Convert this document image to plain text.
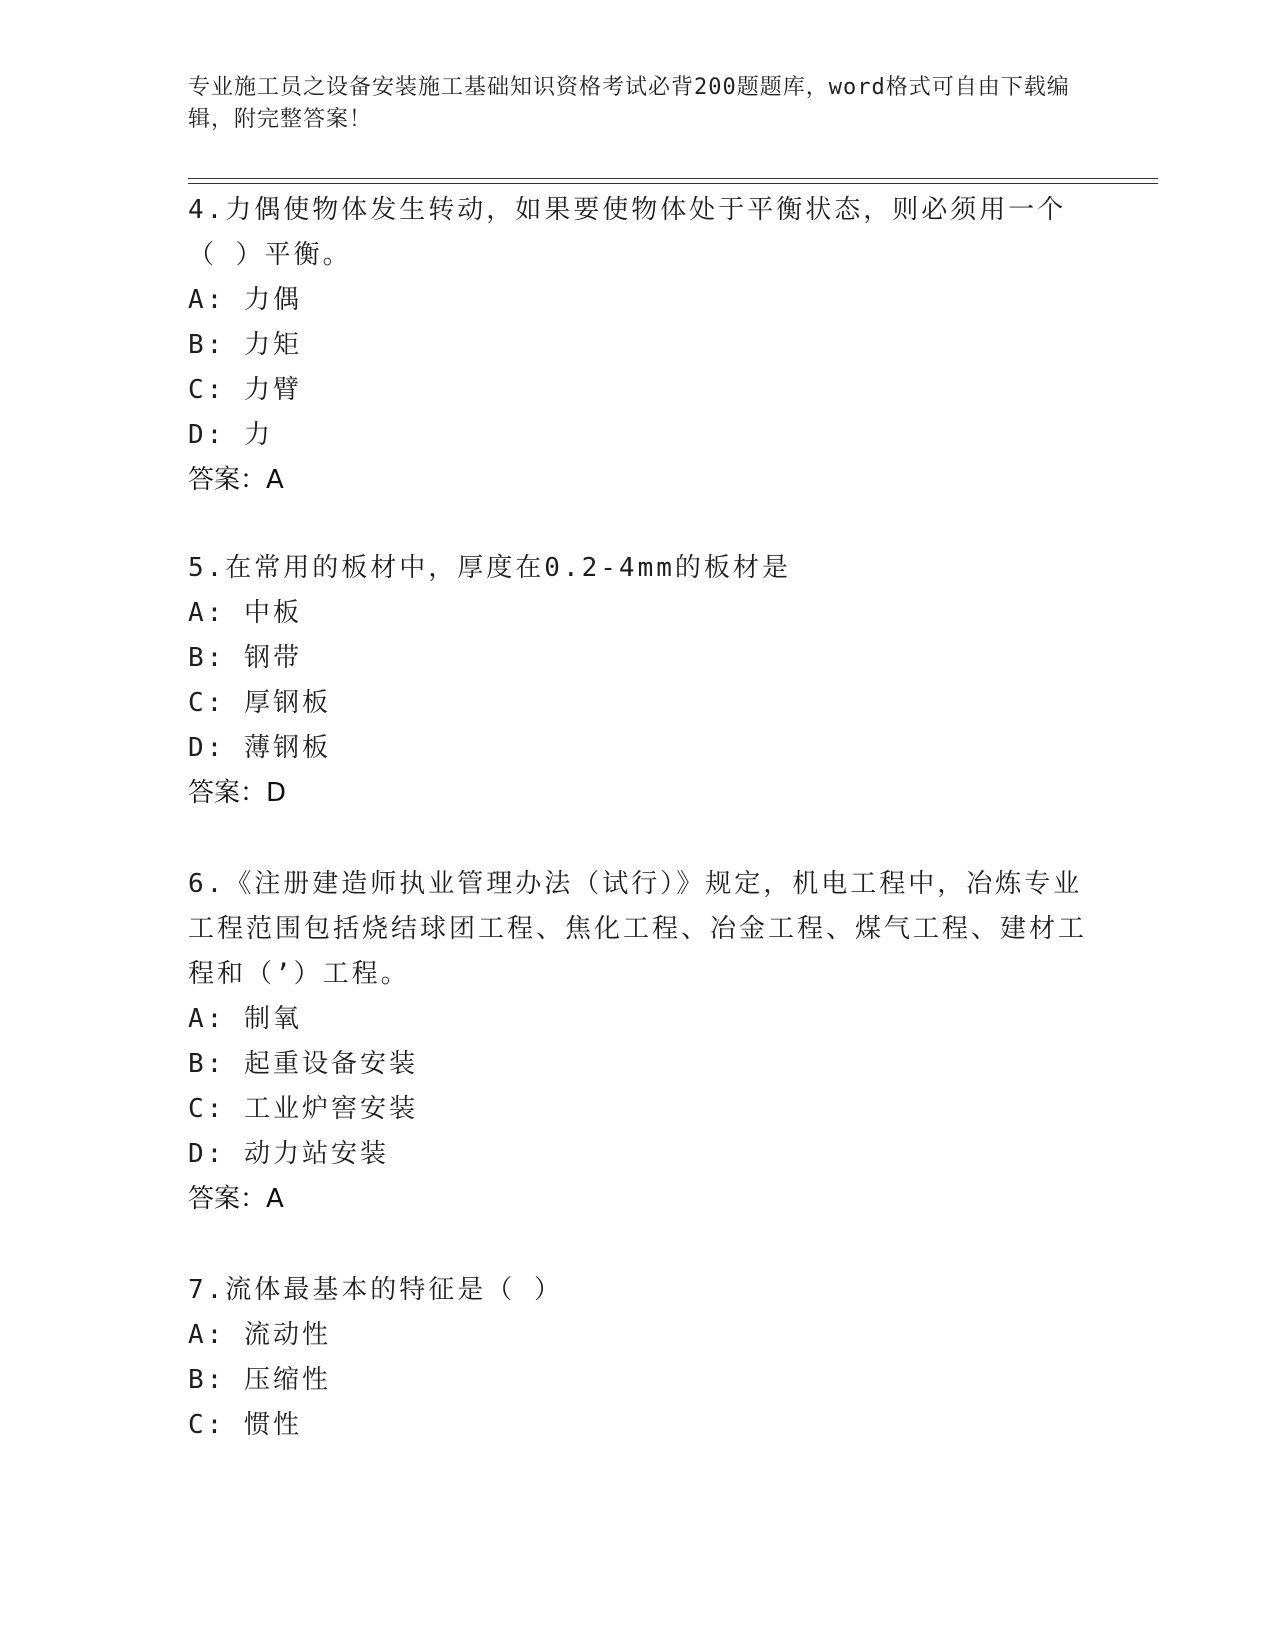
专业施工员之设备安装施工基础知识资格考试必背200题题库，word格式可自由下载编辑，附完整答案！

4.力偶使物体发生转动，如果要使物体处于平衡状态，则必须用一个（ ）平衡。

A: 力偶
B: 力矩
C: 力臂
D: 力
答案：A

5.在常用的板材中，厚度在0.2-4mm的板材是

A: 中板
B: 钢带
C: 厚钢板
D: 薄钢板
答案：D

6.《注册建造师执业管理办法（试行）》规定，机电工程中，冶炼专业工程范围包括烧结球团工程、焦化工程、冶金工程、煤气工程、建材工程和（’）工程。

A: 制氧
B: 起重设备安装
C: 工业炉窖安装
D: 动力站安装
答案：A

7.流体最基本的特征是（ ）

A: 流动性
B: 压缩性
C: 惯性
